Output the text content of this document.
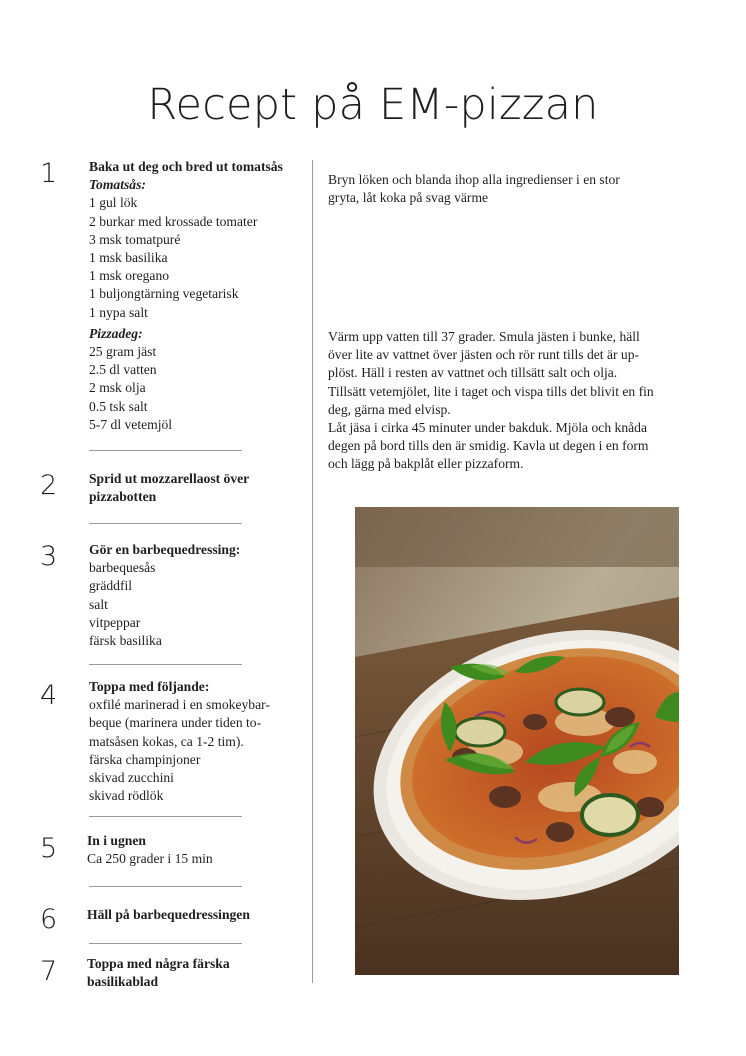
Recept på EM-pizzan
1 Baka ut deg och bred ut tomatsås
Tomatsås:
1 gul lök
2 burkar med krossade tomater
3 msk tomatpuré
1 msk basilika
1 msk oregano
1 buljongtärning vegetarisk
1 nypa salt
Pizzadeg:
25 gram jäst
2.5 dl vatten
2 msk olja
0.5 tsk salt
5-7 dl vetemjöl
2 Sprid ut mozzarellaost över
pizzabotten
3 Gör en barbequedressing:
barbequesås
gräddfil
salt
vitpeppar
färsk basilika
4 Toppa med följande:
oxfilé marinerad i en smokeybar-
beque (marinera under tiden to-
matsåsen kokas, ca 1-2 tim).
färska champinjoner
skivad zucchini
skivad rödlök
5 In i ugnen
Ca 250 grader i 15 min
6 Häll på barbequedressingen
7 Toppa med några färska
basilikablad
Bryn löken och blanda ihop alla ingredienser i en stor
gryta, låt koka på svag värme
Värm upp vatten till 37 grader. Smula jästen i bunke, häll
över lite av vattnet över jästen och rör runt tills det är up-
plöst. Häll i resten av vattnet och tillsätt salt och olja.
Tillsätt vetemjölet, lite i taget och vispa tills det blivit en fin
deg, gärna med elvisp.
Låt jäsa i cirka 45 minuter under bakduk. Mjöla och knåda
degen på bord tills den är smidig. Kavla ut degen i en form
och lägg på bakplåt eller pizzaform.
